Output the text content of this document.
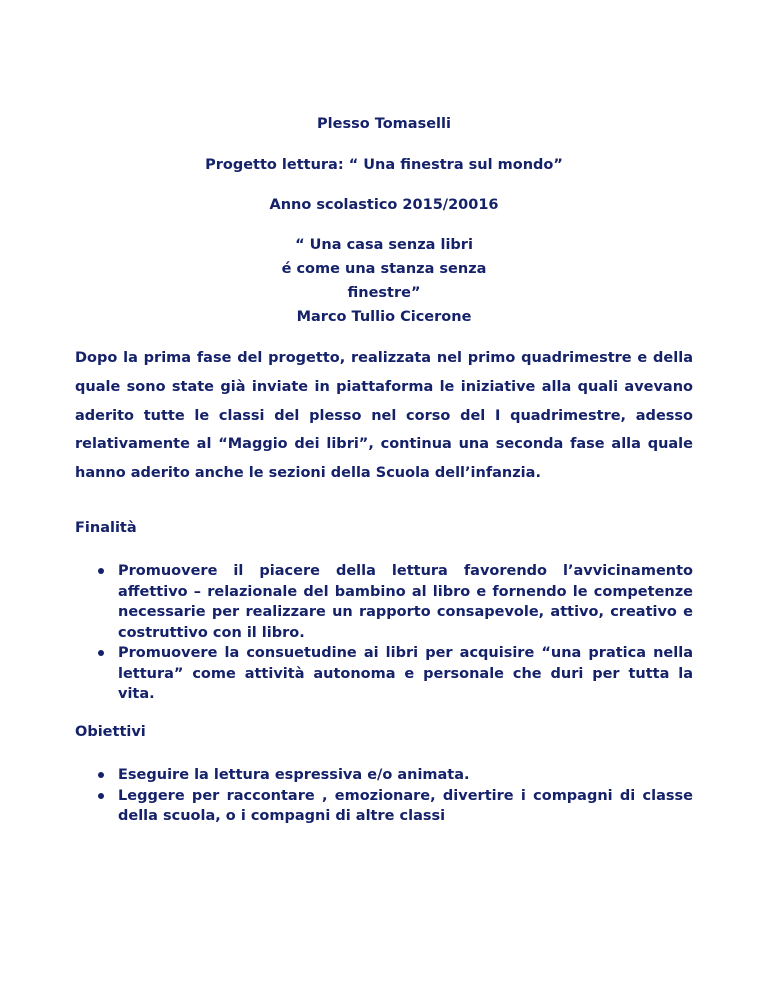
Plesso Tomaselli
Progetto lettura: “ Una finestra sul mondo”
Anno scolastico 2015/20016
“ Una casa senza libri
é come una stanza senza
finestre”
Marco Tullio Cicerone
Dopo la prima fase del progetto, realizzata nel primo quadrimestre e della quale sono state già inviate in piattaforma le iniziative alla quali avevano aderito tutte le classi del plesso nel corso del I quadrimestre, adesso relativamente al “Maggio dei libri”, continua una seconda fase alla quale hanno aderito anche le sezioni della Scuola dell’infanzia.
Finalità
Promuovere il piacere della lettura favorendo l’avvicinamento affettivo – relazionale del bambino al libro e fornendo le competenze necessarie per realizzare un rapporto consapevole, attivo, creativo e costruttivo con il libro.
Promuovere la consuetudine ai libri per acquisire “una pratica nella lettura” come attività autonoma e personale che duri per tutta la vita.
Obiettivi
Eseguire la lettura espressiva e/o animata.
Leggere per raccontare , emozionare, divertire i compagni di classe della scuola, o i compagni di altre classi
